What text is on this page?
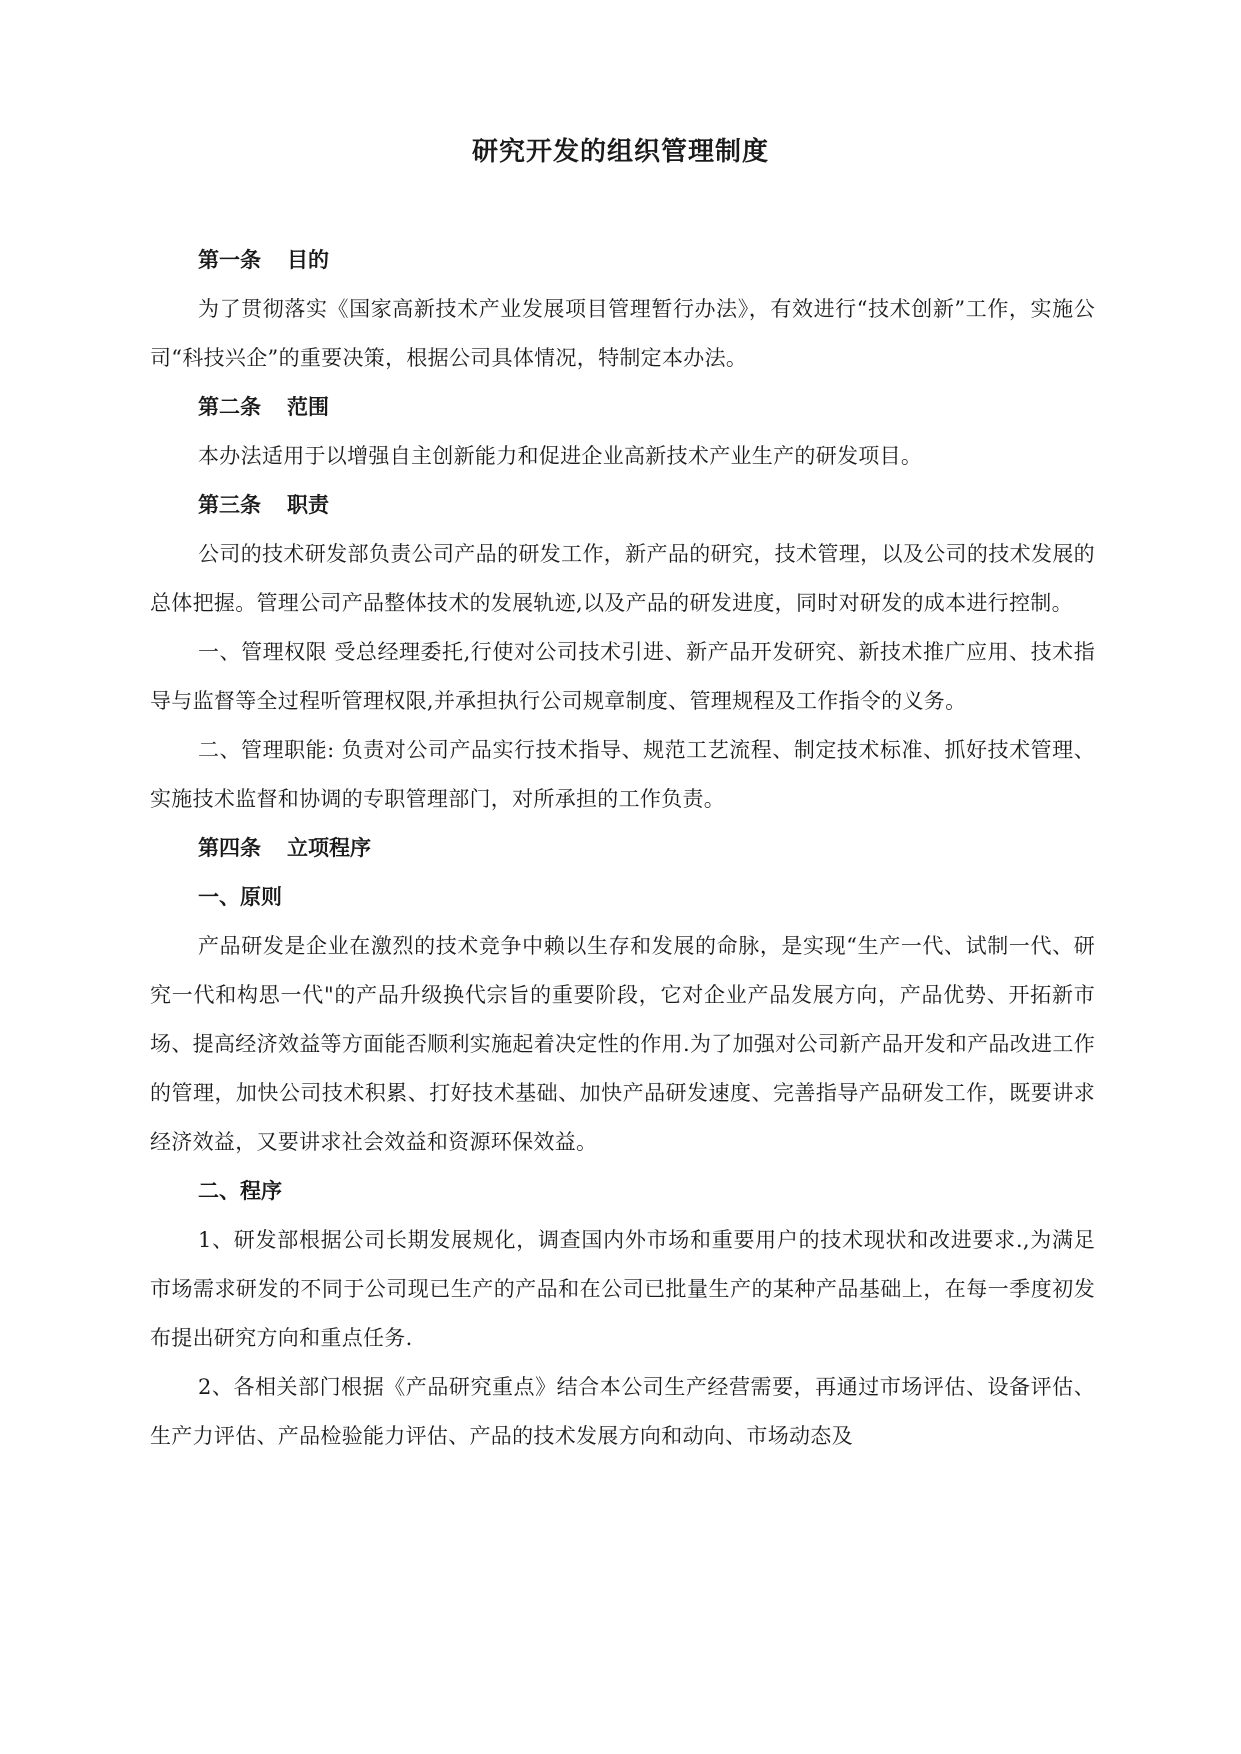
研究开发的组织管理制度

第一条 目的

为了贯彻落实《国家高新技术产业发展项目管理暂行办法》，有效进行“技术创新”工作，实施公司“科技兴企”的重要决策，根据公司具体情况，特制定本办法。

第二条 范围

本办法适用于以增强自主创新能力和促进企业高新技术产业生产的研发项目。

第三条 职责

公司的技术研发部负责公司产品的研发工作，新产品的研究，技术管理，以及公司的技术发展的总体把握。管理公司产品整体技术的发展轨迹,以及产品的研发进度，同时对研发的成本进行控制。

一、管理权限 受总经理委托,行使对公司技术引进、新产品开发研究、新技术推广应用、技术指导与监督等全过程听管理权限,并承担执行公司规章制度、管理规程及工作指令的义务。

二、管理职能: 负责对公司产品实行技术指导、规范工艺流程、制定技术标准、抓好技术管理、实施技术监督和协调的专职管理部门，对所承担的工作负责。

第四条 立项程序

一、原则

产品研发是企业在激烈的技术竞争中赖以生存和发展的命脉，是实现“生产一代、试制一代、研究一代和构思一代"的产品升级换代宗旨的重要阶段，它对企业产品发展方向，产品优势、开拓新市场、提高经济效益等方面能否顺利实施起着决定性的作用.为了加强对公司新产品开发和产品改进工作的管理，加快公司技术积累、打好技术基础、加快产品研发速度、完善指导产品研发工作，既要讲求经济效益，又要讲求社会效益和资源环保效益。

二、程序

1、研发部根据公司长期发展规化，调查国内外市场和重要用户的技术现状和改进要求.,为满足市场需求研发的不同于公司现已生产的产品和在公司已批量生产的某种产品基础上，在每一季度初发布提出研究方向和重点任务.

2、各相关部门根据《产品研究重点》结合本公司生产经营需要，再通过市场评估、设备评估、生产力评估、产品检验能力评估、产品的技术发展方向和动向、市场动态及
